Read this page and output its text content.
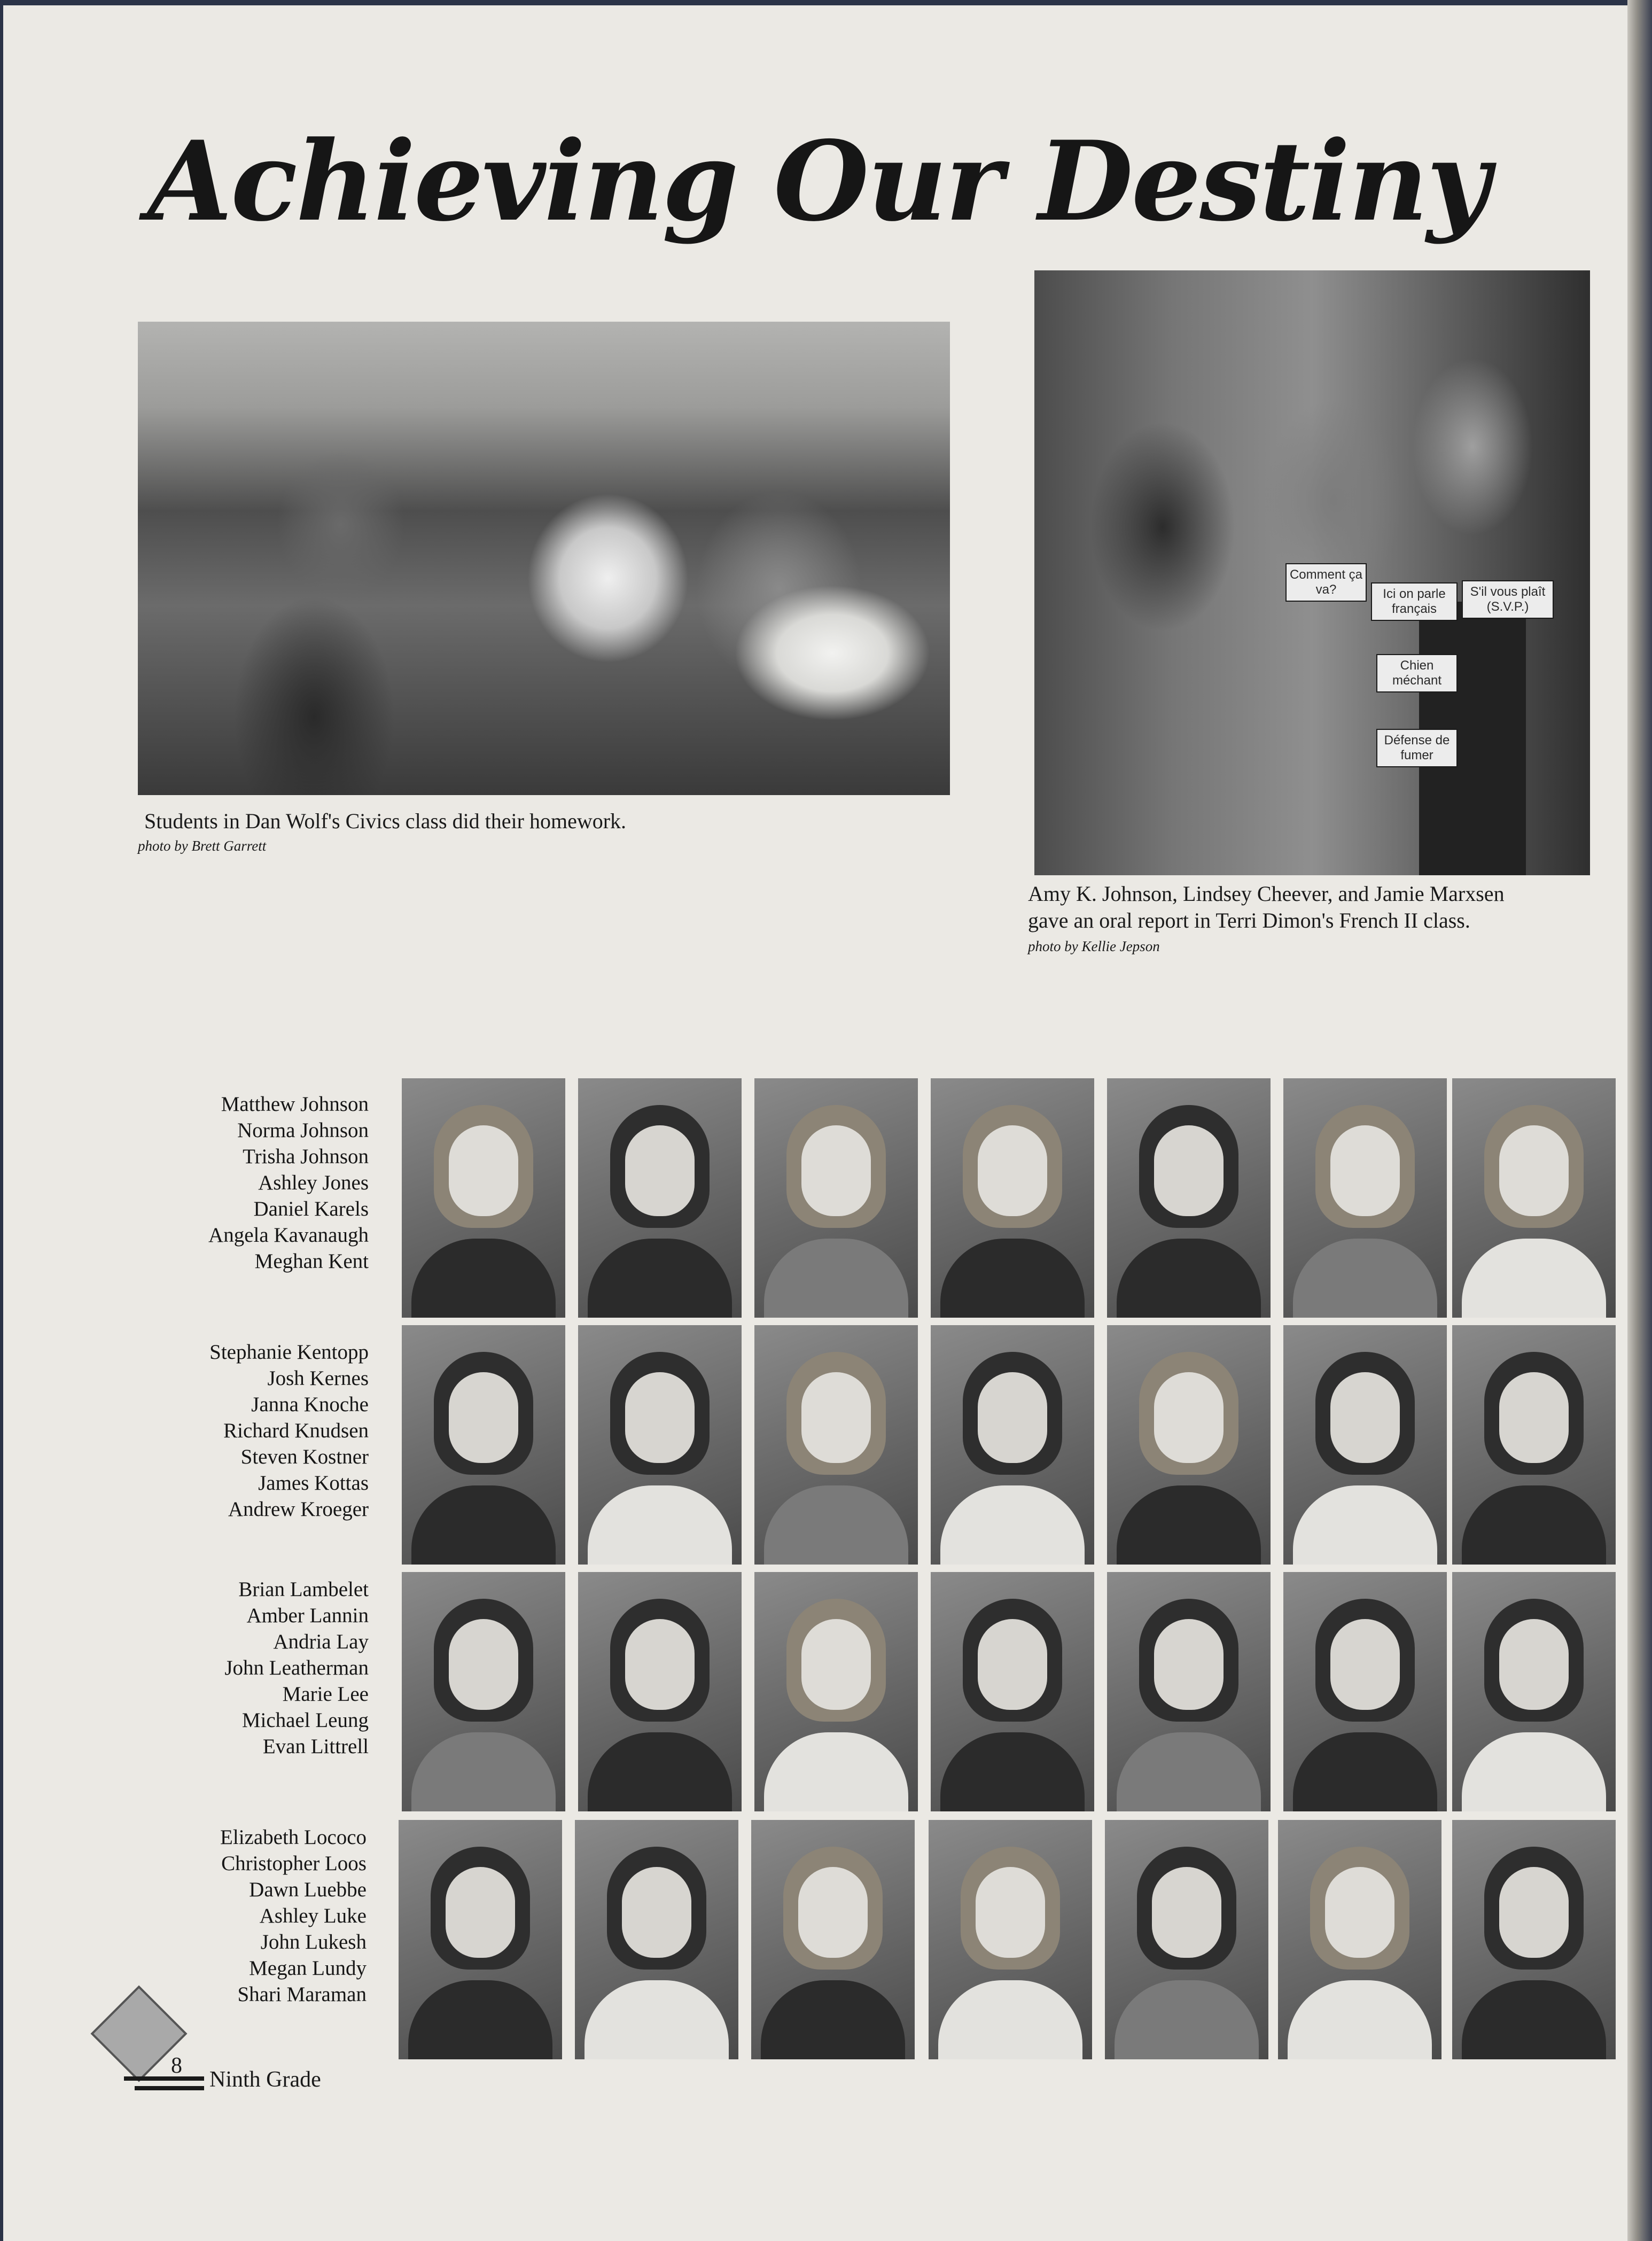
Achieving Our Destiny
Students in Dan Wolf's Civics class did their homework.
photo by Brett Garrett
Comment ça va?	Ici on parle français
S'il vous plaît (S.V.P.)
Chien méchant
Défense de fumer
Amy K. Johnson, Lindsey Cheever, and Jamie Marxsen
gave an oral report in Terri Dimon's French II class.
photo by Kellie Jepson
Matthew Johnson
Norma Johnson
Trisha Johnson
Ashley Jones
Daniel Karels
Angela Kavanaugh
Meghan Kent
Stephanie Kentopp
Josh Kernes
Janna Knoche
Richard Knudsen
Steven Kostner
James Kottas
Andrew Kroeger
Brian Lambelet
Amber Lannin
Andria Lay
John Leatherman
Marie Lee
Michael Leung
Evan Littrell
Elizabeth Lococo
Christopher Loos
Dawn Luebbe
Ashley Luke
John Lukesh
Megan Lundy
Shari Maraman
8
Ninth Grade
